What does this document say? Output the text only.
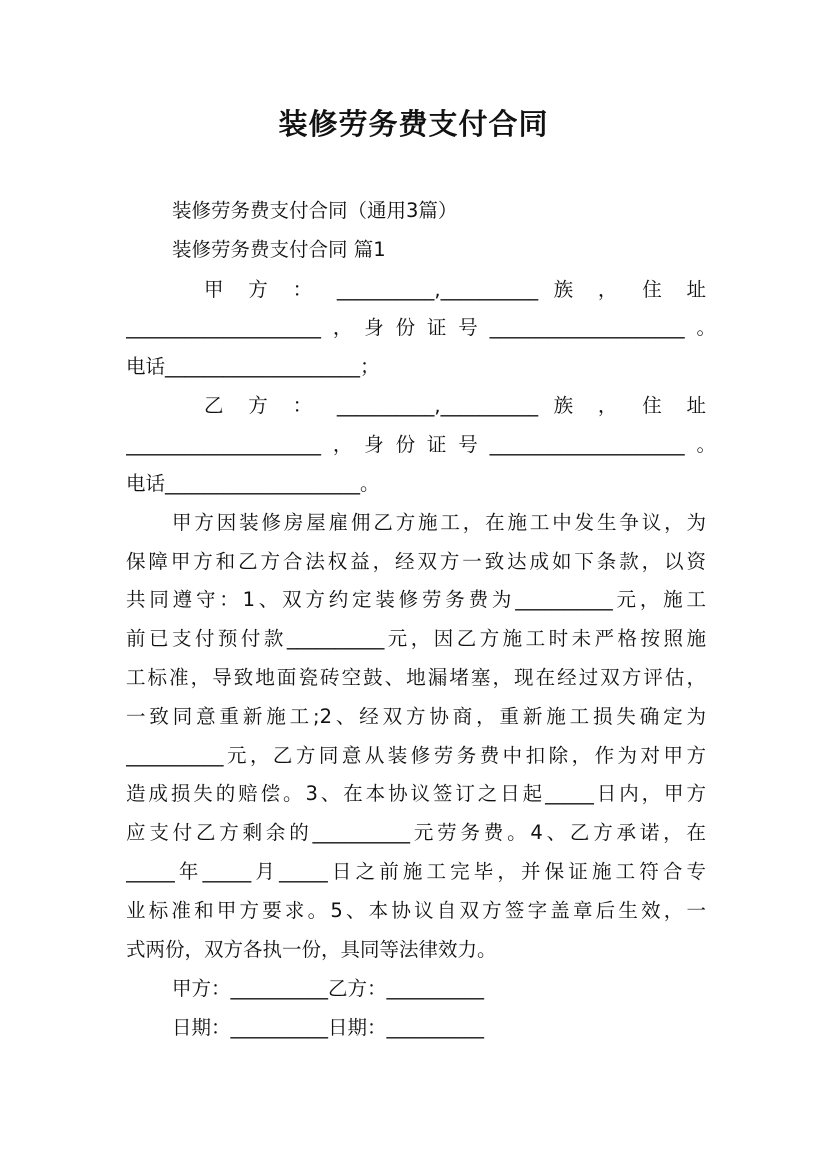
装修劳务费支付合同
装修劳务费支付合同（通用3篇）
装修劳务费支付合同 篇1
甲 方 ： __________,__________ 族 ， 住 址
____________________，身份证号____________________。
电话____________________；
乙 方 ： __________,__________ 族 ， 住 址
____________________，身份证号____________________。
电话____________________。
甲方因装修房屋雇佣乙方施工，在施工中发生争议，为
保障甲方和乙方合法权益，经双方一致达成如下条款，以资
共同遵守：1、双方约定装修劳务费为__________元，施工
前已支付预付款__________元，因乙方施工时未严格按照施
工标准，导致地面瓷砖空鼓、地漏堵塞，现在经过双方评估，
一致同意重新施工;2、经双方协商，重新施工损失确定为
__________元，乙方同意从装修劳务费中扣除，作为对甲方
造成损失的赔偿。3、在本协议签订之日起_____日内，甲方
应支付乙方剩余的__________元劳务费。4、乙方承诺，在
_____年_____月_____日之前施工完毕，并保证施工符合专
业标准和甲方要求。5、本协议自双方签字盖章后生效，一
式两份，双方各执一份，具同等法律效力。
甲方：__________乙方：__________
日期：__________日期：__________
